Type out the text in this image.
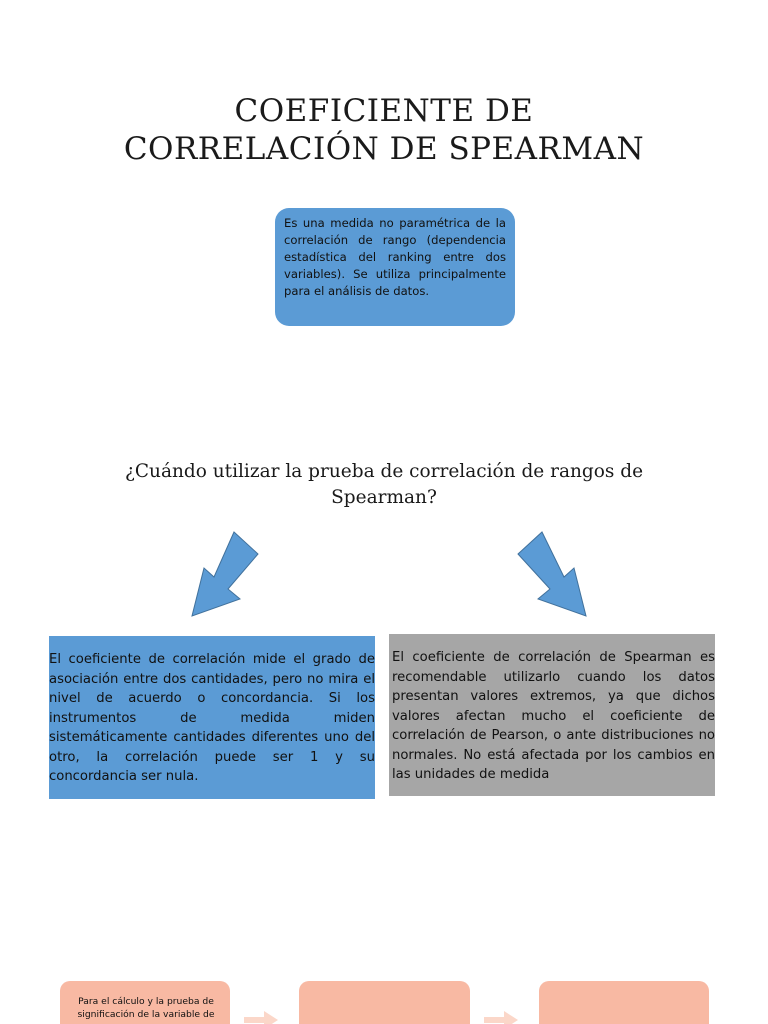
COEFICIENTE DE
CORRELACIÓN DE SPEARMAN
Es una medida no paramétrica de la correlación de rango (dependencia estadística del ranking entre dos variables). Se utiliza principalmente para el análisis de datos.

¿Cuándo utilizar la prueba de correlación de rangos de Spearman?

El coeficiente de correlación mide el grado de asociación entre dos cantidades, pero no mira el nivel de acuerdo o concordancia. Si los instrumentos de medida miden sistemáticamente cantidades diferentes uno del otro, la correlación puede ser 1 y su concordancia ser nula.
El coeficiente de correlación de Spearman es recomendable utilizarlo cuando los datos presentan valores extremos, ya que dichos valores afectan mucho el coeficiente de correlación de Pearson, o ante distribuciones no normales. No está afectada por los cambios en las unidades de medida
Para el cálculo y la prueba de significación de la variable de
